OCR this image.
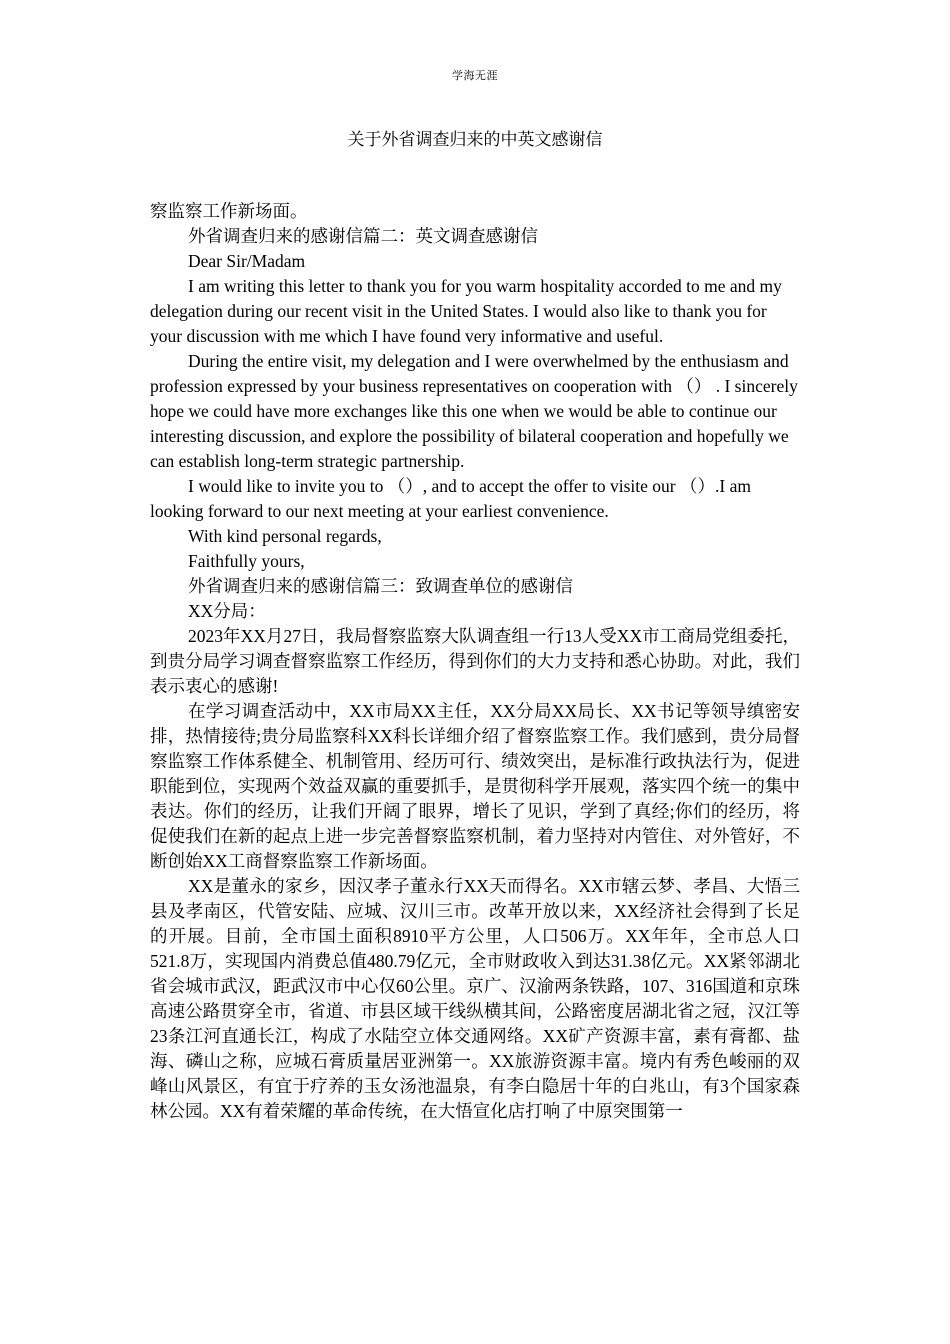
学海无涯
关于外省调查归来的中英文感谢信

察监察工作新场面。

外省调查归来的感谢信篇二：英文调查感谢信

Dear Sir/Madam

I am writing this letter to thank you for you warm hospitality accorded to me and my delegation during our recent visit in the United States. I would also like to thank you for your discussion with me which I have found very informative and useful.

During the entire visit, my delegation and I were overwhelmed by the enthusiasm and profession expressed by your business representatives on cooperation with （） . I sincerely hope we could have more exchanges like this one when we would be able to continue our interesting discussion, and explore the possibility of bilateral cooperation and hopefully we can establish long-term strategic partnership.

I would like to invite you to （）, and to accept the offer to visite our （）.I am looking forward to our next meeting at your earliest convenience.

With kind personal regards,

Faithfully yours,

外省调查归来的感谢信篇三：致调查单位的感谢信

XX分局：

2023年XX月27日，我局督察监察大队调查组一行13人受XX市工商局党组委托，到贵分局学习调查督察监察工作经历，得到你们的大力支持和悉心协助。对此，我们表示衷心的感谢!

在学习调查活动中，XX市局XX主任，XX分局XX局长、XX书记等领导缜密安排，热情接待;贵分局监察科XX科长详细介绍了督察监察工作。我们感到，贵分局督察监察工作体系健全、机制管用、经历可行、绩效突出，是标准行政执法行为，促进职能到位，实现两个效益双赢的重要抓手，是贯彻科学开展观，落实四个统一的集中表达。你们的经历，让我们开阔了眼界，增长了见识，学到了真经;你们的经历，将促使我们在新的起点上进一步完善督察监察机制，着力坚持对内管住、对外管好，不断创始XX工商督察监察工作新场面。

XX是董永的家乡，因汉孝子董永行XX天而得名。XX市辖云梦、孝昌、大悟三县及孝南区，代管安陆、应城、汉川三市。改革开放以来，XX经济社会得到了长足的开展。目前，全市国土面积8910平方公里，人口506万。XX年年，全市总人口521.8万，实现国内消费总值480.79亿元，全市财政收入到达31.38亿元。XX紧邻湖北省会城市武汉，距武汉市中心仅60公里。京广、汉渝两条铁路，107、316国道和京珠高速公路贯穿全市，省道、市县区域干线纵横其间，公路密度居湖北省之冠，汉江等23条江河直通长江，构成了水陆空立体交通网络。XX矿产资源丰富，素有膏都、盐海、磷山之称，应城石膏质量居亚洲第一。XX旅游资源丰富。境内有秀色峻丽的双峰山风景区，有宜于疗养的玉女汤池温泉，有李白隐居十年的白兆山，有3个国家森林公园。XX有着荣耀的革命传统，在大悟宣化店打响了中原突围第一
